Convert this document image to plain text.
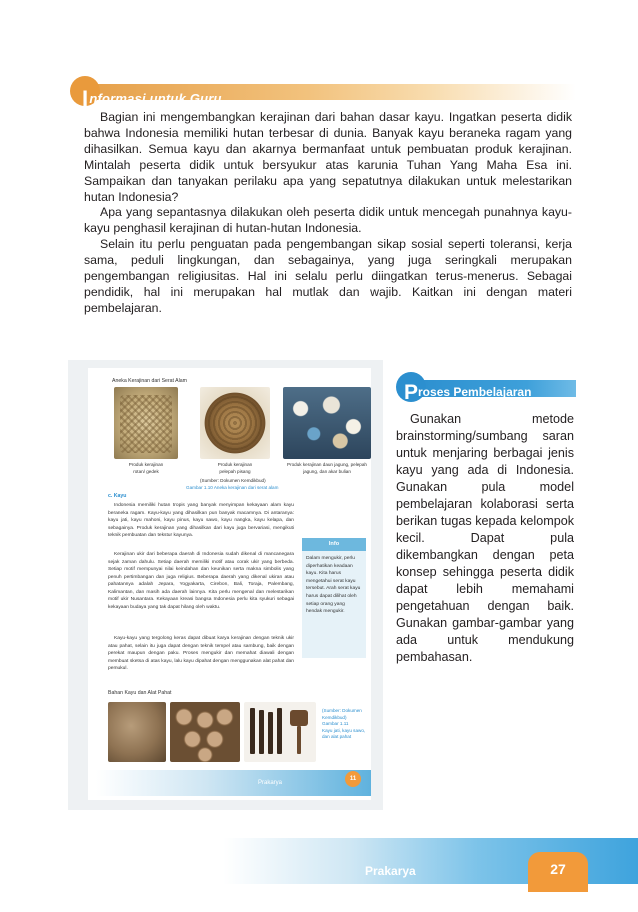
Informasi untuk Guru

Bagian ini mengembangkan kerajinan dari bahan dasar kayu. Ingatkan peserta didik bahwa Indonesia memiliki hutan terbesar di dunia. Banyak kayu beraneka ragam yang dihasilkan. Semua kayu dan akarnya bermanfaat untuk pembuatan produk kerajinan. Mintalah peserta didik untuk bersyukur atas karunia Tuhan Yang Maha Esa ini. Sampaikan dan tanyakan perilaku apa yang sepatutnya dilakukan untuk melestarikan hutan Indonesia?

Apa yang sepantasnya dilakukan oleh peserta didik untuk mencegah punahnya kayu-kayu penghasil kerajinan di hutan-hutan Indonesia.

Selain itu perlu penguatan pada pengembangan sikap sosial seperti toleransi, kerja sama, peduli lingkungan, dan sebagainya, yang juga seringkali merupakan pengembangan religiusitas. Hal ini selalu perlu diingatkan terus-menerus. Sebagai pendidik, hal ini merupakan hal mutlak dan wajib. Kaitkan ini dengan materi pembelajaran.

Aneka Kerajinan dari Serat Alam
Produk kerajinan
rotan/ gedek
Produk kerajinan
pelepah pisang
Produk kerajinan daun jagung, pelepah
jagung, dan akar bulian
(Sumber: Dokumen Kemdikbud)
Gambar 1.10 Aneka kerajinan dari serat alam
c. Kayu
Indonesia memiliki hutan tropis yang banyak menyimpan kekayaan alam kayu beraneka ragam. Kayu-kayu yang dihasilkan pun banyak macamnya. Di antaranya: kayu jati, kayu mahoni, kayu pinus, kayu sawo, kayu nangka, kayu kelapa, dan sebagainya. Produk kerajinan yang dihasilkan dari kayu juga bervariasi, mengikuti teknik pembuatan dan tekstur kayunya.
Kerajinan ukir dari beberapa daerah di Indonesia sudah dikenal di mancanegara sejak zaman dahulu. Setiap daerah memiliki motif atau corak ukir yang berbeda. Setiap motif mempunyai nilai keindahan dan keunikan serta makna simbolis yang penuh pertimbangan dan juga religius. Beberapa daerah yang dikenal ukiran atau pahatannya adalah Jepara, Yogyakarta, Cirebon, Bali, Toraja, Palembang, Kalimantan, dan masih ada daerah lainnya. Kita perlu mengenal dan melestarikan motif ukir Nusantara. Kekayaan kreasi bangsa Indonesia perlu kita syukuri sebagai kekayaan budaya yang tak dapat hilang oleh waktu.
Kayu-kayu yang tergolong keras dapat dibuat karya kerajinan dengan teknik ukir atau pahat, selain itu juga dapat dengan teknik tempel atau sambung, baik dengan perekat maupun dengan paku. Proses mengukir dan memahat diawali dengan membuat sketsa di atas kayu, lalu kayu dipahat dengan menggunakan alat pahat dan pemukul.
Info
Dalam mengukir, perlu diperhatikan keadaan kayu. Kita harus mengetahui serat kayu tersebut. Arah serat kayu harus dapat dilihat oleh setiap orang yang hendak mengukir.
Bahan Kayu dan Alat Pahat
(Sumber: Dokumen Kemdikbud)
Gambar 1.11
Kayu jati, kayu sawo,
dan alat pahat
Prakarya
11
Proses Pembelajaran

Gunakan metode brainstorming/sumbang saran untuk menjaring berbagai jenis kayu yang ada di Indonesia. Gunakan pula model pembelajaran kolaborasi serta berikan tugas kepada kelompok kecil. Dapat pula dikembangkan dengan peta konsep sehingga peserta didik dapat lebih memahami pengetahuan dengan baik. Gunakan gambar-gambar yang ada untuk mendukung pembahasan.

Prakarya	27
